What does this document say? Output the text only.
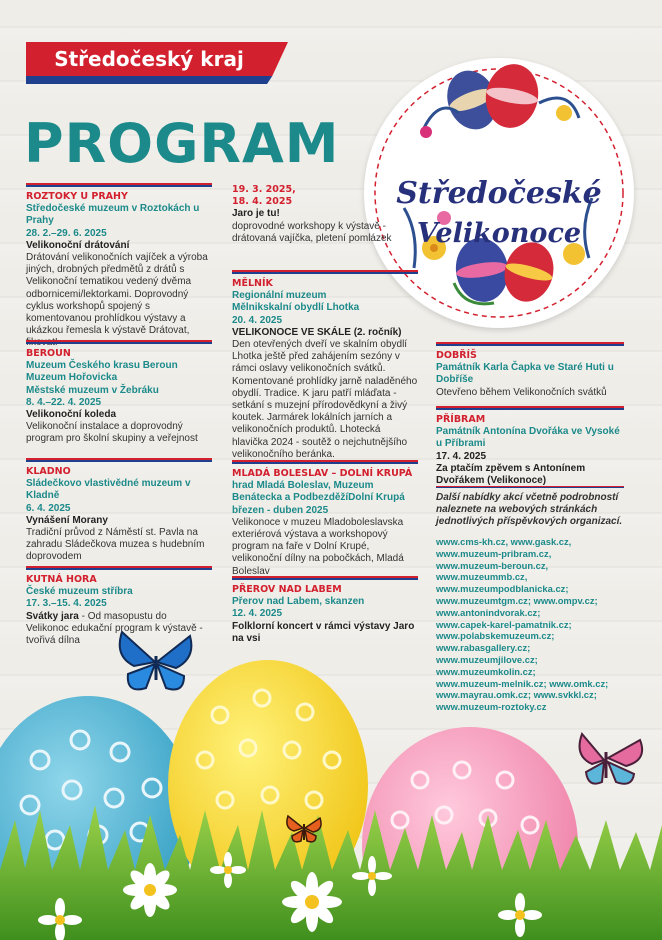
Středočeský kraj
PROGRAM
Středočeské
Velikonoce
ROZTOKY U PRAHY
Středočeské muzeum v Roztokách u Prahy
28. 2.–29. 6. 2025
Velikonoční drátování
Drátování velikonočních vajíček a výroba jiných, drobných předmětů z drátů s Velikonoční tematikou vedený dvěma odbornicemi/lektorkami. Doprovodný cyklus workshopů spojený s komentovanou prohlídkou výstavy a ukázkou řemesla k výstavě Drátovat, fikovat!
BEROUN
Muzeum Českého krasu Beroun
Muzeum Hořovicka
Městské muzeum v Žebráku
8. 4.–22. 4. 2025
Velikonoční koleda
Velikonoční instalace a doprovodný program pro školní skupiny a veřejnost
KLADNO
Sládečkovo vlastivědné muzeum v Kladně
6. 4. 2025
Vynášení Morany
Tradiční průvod z Náměstí st. Pavla na zahradu Sládečkova muzea s hudebním doprovodem
KUTNÁ HORA
České muzeum stříbra
17. 3.–15. 4. 2025
Svátky jara - Od masopustu do Velikonoc edukační program k výstavě - tvořivá dílna
19. 3. 2025,
18. 4. 2025
Jaro je tu!
doprovodné workshopy k výstavě - drátovaná vajíčka, pletení pomlázek
MĚLNÍK
Regionální muzeum
Mělnikskalní obydlí Lhotka
20. 4. 2025
VELIKONOCE VE SKÁLE (2. ročník)
Den otevřených dveří ve skalním obydlí Lhotka ještě před zahájením sezóny v rámci oslavy velikonočních svátků. Komentované prohlídky jarně naladěného obydlí. Tradice. K jaru patří mláďata - setkání s muzejní přírodovědkyní a živý koutek. Jarmárek lokálních jarních a velikonočních produktů. Lhotecká hlavička 2024 - soutěž o nejchutnějšího velikonočního beránka.
MLADÁ BOLESLAV – DOLNÍ KRUPÁ
hrad Mladá Boleslav, Muzeum Benátecka a PodbezděžíDolní Krupá
březen - duben 2025
Velikonoce v muzeu Mladoboleslavska exteriérová výstava a workshopový program na faře v Dolní Krupé, velikonoční dílny na pobočkách, Mladá Boleslav
PŘEROV NAD LABEM
Přerov nad Labem, skanzen
12. 4. 2025
Folklorní koncert v rámci výstavy Jaro na vsi
DOBŘÍŠ
Památník Karla Čapka ve Staré Huti u Dobříše
Otevřeno během Velikonočních svátků
PŘÍBRAM
Památník Antonína Dvořáka ve Vysoké u Příbrami
17. 4. 2025
Za ptačím zpěvem s Antonínem Dvořákem (Velikonoce)
Další nabídky akcí včetně podrobností naleznete na webových stránkách jednotlivých příspěvkových organizací.
www.cms-kh.cz, www.gask.cz,
www.muzeum-pribram.cz,
www.muzeum-beroun.cz,
www.muzeummb.cz,
www.muzeumpodblanicka.cz;
www.muzeumtgm.cz; www.ompv.cz;
www.antonindvorak.cz;
www.capek-karel-pamatnik.cz;
www.polabskemuzeum.cz;
www.rabasgallery.cz;
www.muzeumjilove.cz;
www.muzeumkolin.cz;
www.muzeum-melnik.cz; www.omk.cz;
www.mayrau.omk.cz; www.svkkl.cz;
www.muzeum-roztoky.cz
